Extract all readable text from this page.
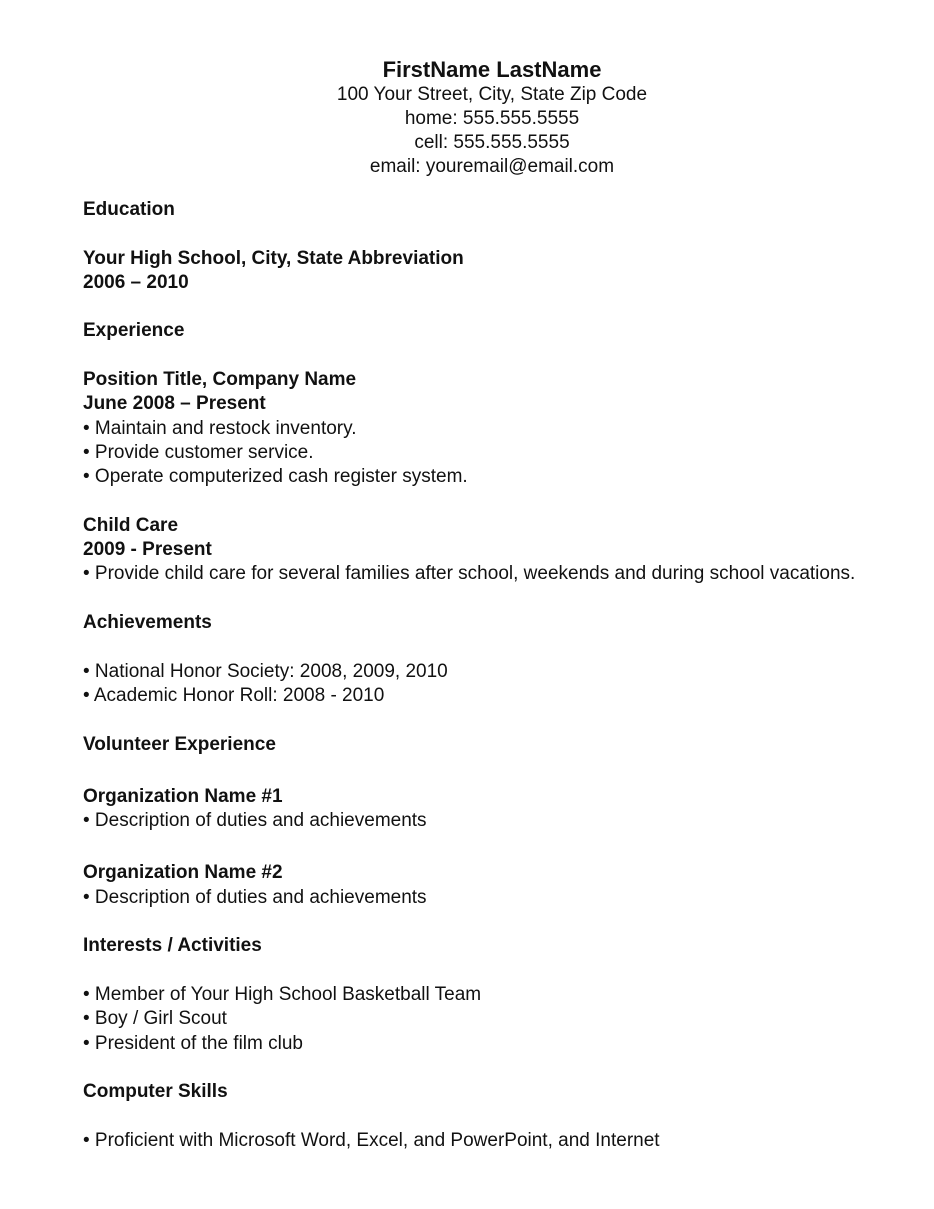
FirstName LastName

100 Your Street, City, State Zip Code

home: 555.555.5555

cell: 555.555.5555

email: youremail@email.com

Education

Your High School, City, State Abbreviation

2006 – 2010

Experience

Position Title, Company Name

June 2008 – Present

• Maintain and restock inventory.

• Provide customer service.

• Operate computerized cash register system.

Child Care

2009 - Present

• Provide child care for several families after school, weekends and during school vacations.

Achievements

• National Honor Society: 2008, 2009, 2010

• Academic Honor Roll: 2008 - 2010

Volunteer Experience

Organization Name #1

• Description of duties and achievements

Organization Name #2

• Description of duties and achievements

Interests / Activities

• Member of Your High School Basketball Team

• Boy / Girl Scout

• President of the film club

Computer Skills

• Proficient with Microsoft Word, Excel, and PowerPoint, and Internet
